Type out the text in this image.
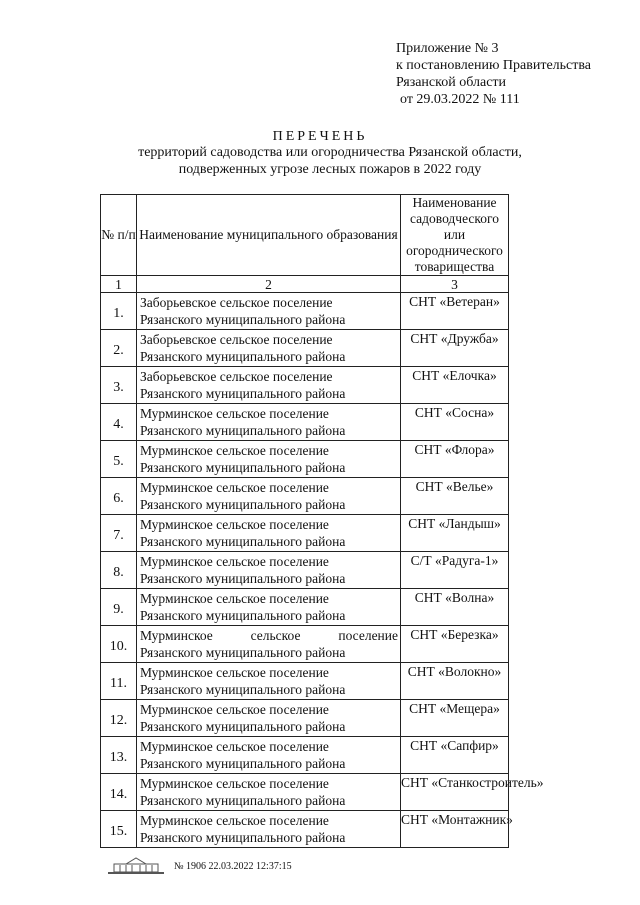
Приложение № 3
к постановлению Правительства
Рязанской области
от 29.03.2022 № 111
ПЕРЕЧЕНЬ
территорий садоводства или огородничества Рязанской области,
подверженных угрозе лесных пожаров в 2022 году
№ п/п	Наименование муниципального образования	Наименование садоводческого или огороднического товарищества
1	2	3
1.	Заборьевское сельское поселение
Рязанского муниципального района	СНТ «Ветеран»
2.	Заборьевское сельское поселение
Рязанского муниципального района	СНТ «Дружба»
3.	Заборьевское сельское поселение
Рязанского муниципального района	СНТ «Елочка»
4.	Мурминское сельское поселение
Рязанского муниципального района	СНТ «Сосна»
5.	Мурминское сельское поселение
Рязанского муниципального района	СНТ «Флора»
6.	Мурминское сельское поселение
Рязанского муниципального района	СНТ «Велье»
7.	Мурминское сельское поселение
Рязанского муниципального района	СНТ «Ландыш»
8.	Мурминское сельское поселение
Рязанского муниципального района	С/Т «Радуга-1»
9.	Мурминское сельское поселение
Рязанского муниципального района	СНТ «Волна»
10.	Мурминское сельское поселение
Рязанского муниципального района	СНТ «Березка»
11.	Мурминское сельское поселение
Рязанского муниципального района	СНТ «Волокно»
12.	Мурминское сельское поселение
Рязанского муниципального района	СНТ «Мещера»
13.	Мурминское сельское поселение
Рязанского муниципального района	СНТ «Сапфир»
14.	Мурминское сельское поселение
Рязанского муниципального района	СНТ «Станкостроитель»
15.	Мурминское сельское поселение
Рязанского муниципального района	СНТ «Монтажник»
№ 1906 22.03.2022 12:37:15
